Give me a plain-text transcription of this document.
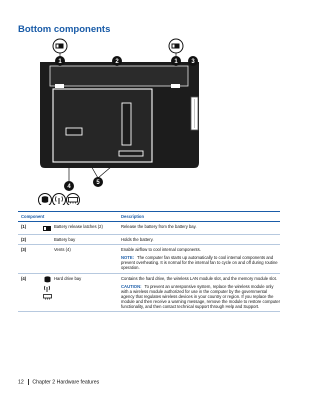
Bottom components
1	2	1 3
4
5
Component		Description
(1)	Battery release latches (2)	Release the battery from the battery bay.
(2)	Battery bay	Holds the battery.
(3)	Vents (4)	Enable airflow to cool internal components.
NOTE: The computer fan starts up automatically to cool internal components and prevent overheating. It is normal for the internal fan to cycle on and off during routine operation.

(4)	Hard drive bay	Contains the hard drive, the wireless LAN module slot, and the memory module slot.
CAUTION: To prevent an unresponsive system, replace the wireless module only with a wireless module authorized for use in the computer by the governmental agency that regulates wireless devices in your country or region. If you replace the module and then receive a warning message, remove the module to restore computer functionality, and then contact technical support through Help and Support.
12 Chapter 2 Hardware features
